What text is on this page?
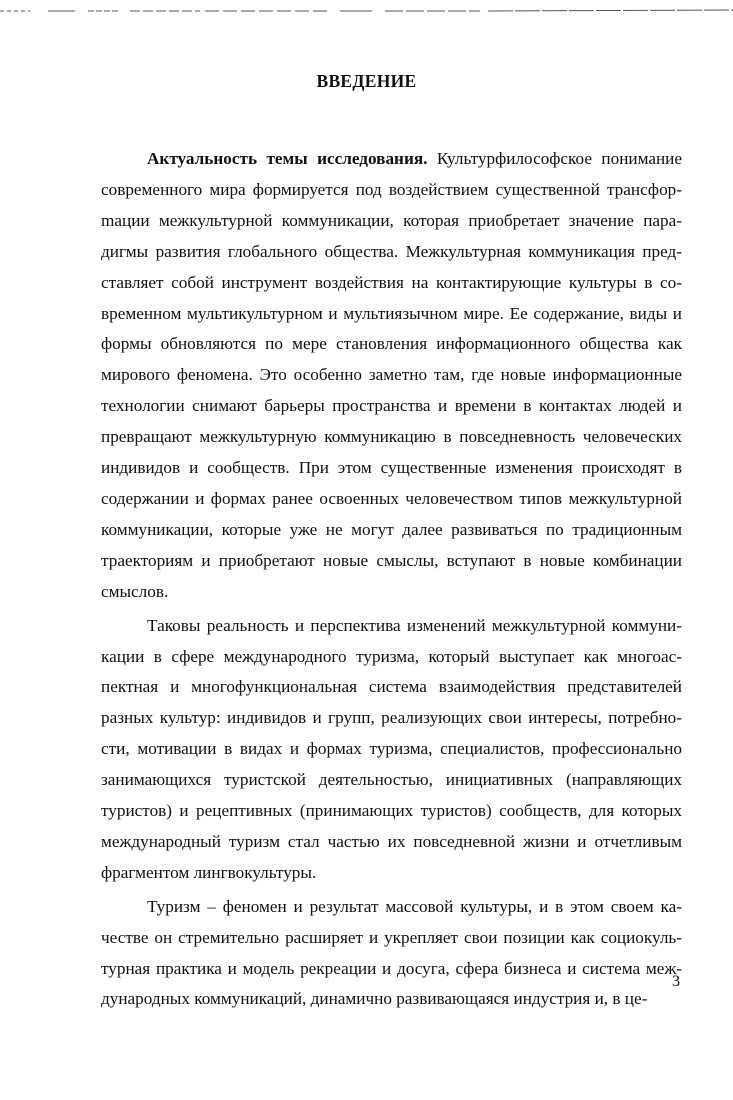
ВВЕДЕНИЕ

Актуальность темы исследования. Культурфилософское понимание современного мира формируется под воздействием существенной трансфорmации межкультурной коммуникации, которая приобретает значение парадигмы развития глобального общества. Межкультурная коммуникация представляет собой инструмент воздействия на контактирующие культуры в современном мультикультурном и мультиязычном мире. Ее содержание, виды и формы обновляются по мере становления информационного общества как мирового феномена. Это особенно заметно там, где новые информационные технологии снимают барьеры пространства и времени в контактах людей и превращают межкультурную коммуникацию в повседневность человеческих индивидов и сообществ. При этом существенные изменения происходят в содержании и формах ранее освоенных человечеством типов межкультурной коммуникации, которые уже не могут далее развиваться по традиционным траекториям и приобретают новые смыслы, вступают в новые комбинации смыслов.

Таковы реальность и перспектива изменений межкультурной коммуникации в сфере международного туризма, который выступает как многоаспектная и многофункциональная система взаимодействия представителей разных культур: индивидов и групп, реализующих свои интересы, потребности, мотивации в видах и формах туризма, специалистов, профессионально занимающихся туристской деятельностью, инициативных (направляющих туристов) и рецептивных (принимающих туристов) сообществ, для которых международный туризм стал частью их повседневной жизни и отчетливым фрагментом лингвокультуры.

Туризм – феномен и результат массовой культуры, и в этом своем качестве он стремительно расширяет и укрепляет свои позиции как социокультурная практика и модель рекреации и досуга, сфера бизнеса и система международных коммуникаций, динамично развивающаяся индустрия и, в це-

3
